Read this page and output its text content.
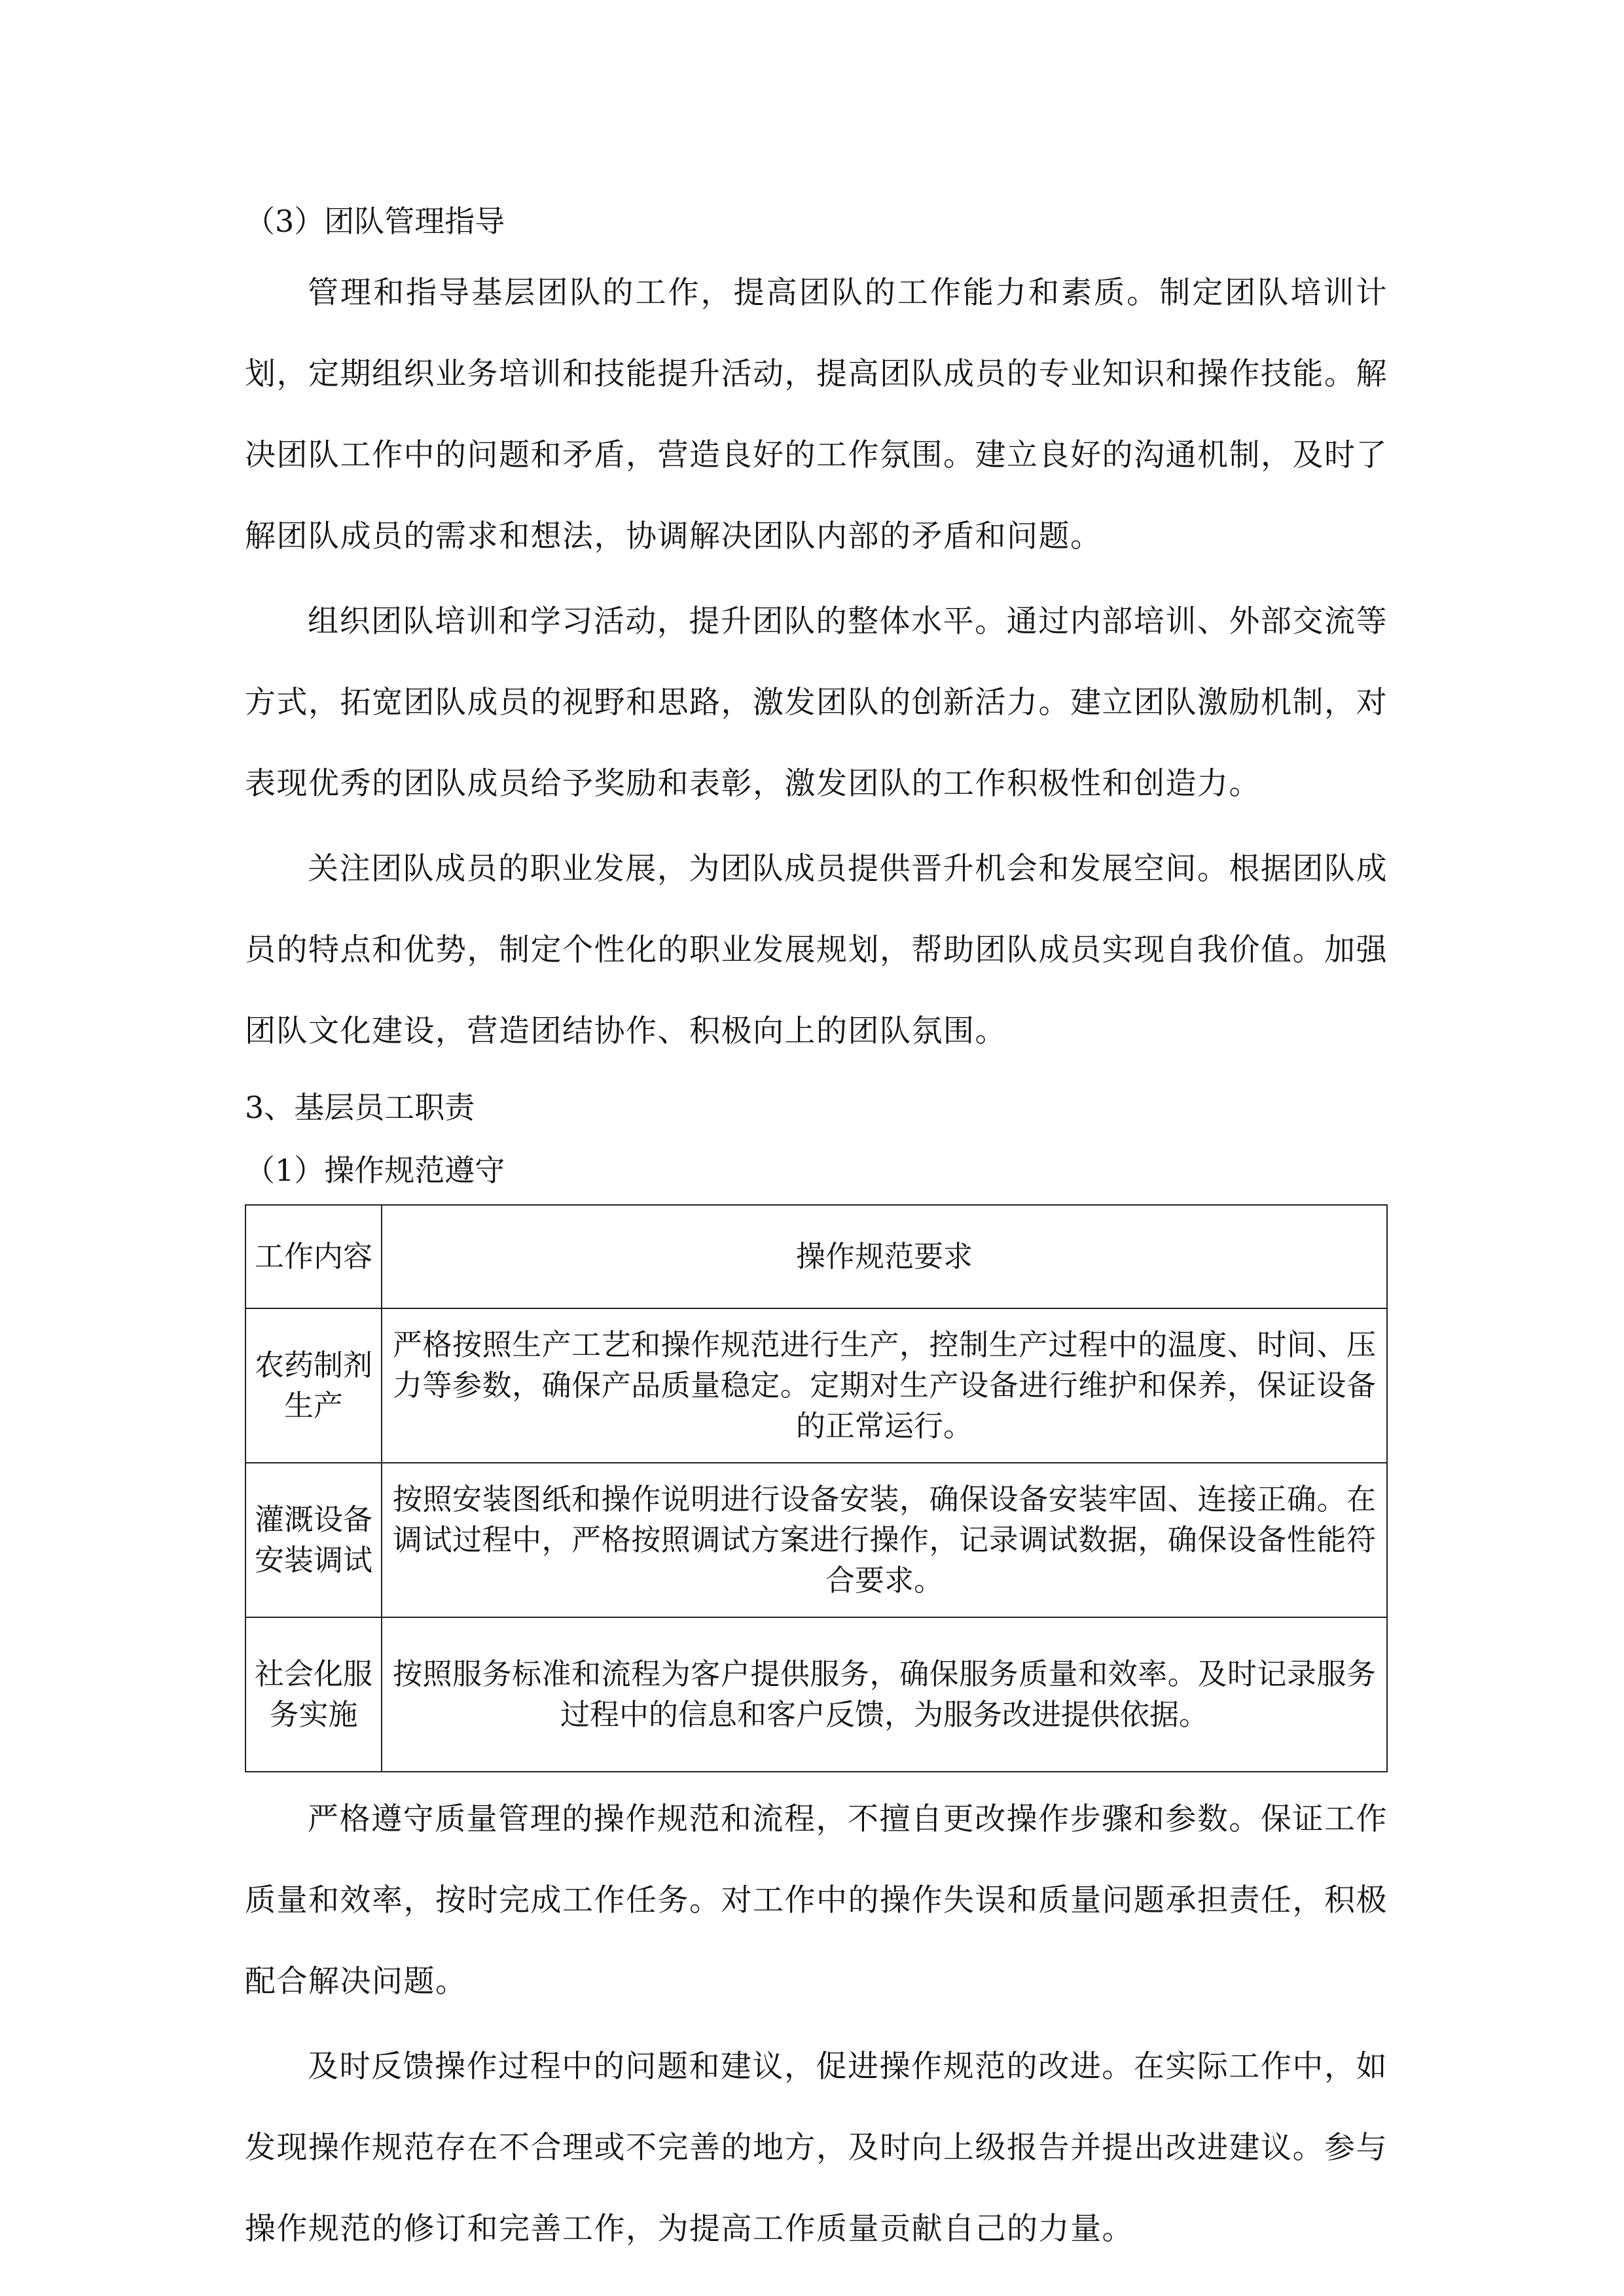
（3）团队管理指导

管理和指导基层团队的工作，提高团队的工作能力和素质。制定团队培训计划，定期组织业务培训和技能提升活动，提高团队成员的专业知识和操作技能。解决团队工作中的问题和矛盾，营造良好的工作氛围。建立良好的沟通机制，及时了解团队成员的需求和想法，协调解决团队内部的矛盾和问题。

组织团队培训和学习活动，提升团队的整体水平。通过内部培训、外部交流等方式，拓宽团队成员的视野和思路，激发团队的创新活力。建立团队激励机制，对表现优秀的团队成员给予奖励和表彰，激发团队的工作积极性和创造力。

关注团队成员的职业发展，为团队成员提供晋升机会和发展空间。根据团队成员的特点和优势，制定个性化的职业发展规划，帮助团队成员实现自我价值。加强团队文化建设，营造团结协作、积极向上的团队氛围。

3、基层员工职责

（1）操作规范遵守

工作内容	操作规范要求
农药制剂生产	严格按照生产工艺和操作规范进行生产，控制生产过程中的温度、时间、压力等参数，确保产品质量稳定。定期对生产设备进行维护和保养，保证设备的正常运行。

灌溉设备安装调试	按照安装图纸和操作说明进行设备安装，确保设备安装牢固、连接正确。在调试过程中，严格按照调试方案进行操作，记录调试数据，确保设备性能符合要求。

社会化服务实施	按照服务标准和流程为客户提供服务，确保服务质量和效率。及时记录服务过程中的信息和客户反馈，为服务改进提供依据。

严格遵守质量管理的操作规范和流程，不擅自更改操作步骤和参数。保证工作质量和效率，按时完成工作任务。对工作中的操作失误和质量问题承担责任，积极配合解决问题。

及时反馈操作过程中的问题和建议，促进操作规范的改进。在实际工作中，如发现操作规范存在不合理或不完善的地方，及时向上级报告并提出改进建议。参与操作规范的修订和完善工作，为提高工作质量贡献自己的力量。
